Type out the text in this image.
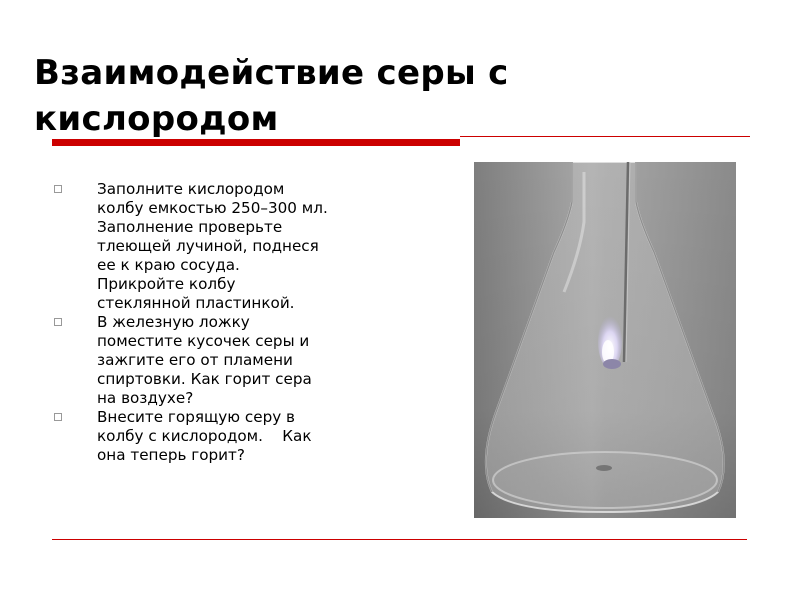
Взаимодействие серы с
кислородом
Заполните кислородом
колбу емкостью 250–300 мл.
Заполнение проверьте
тлеющей лучиной, поднеся
ее к краю сосуда.
Прикройте колбу
стеклянной пластинкой.
В железную ложку
поместите кусочек серы и
зажгите его от пламени
спиртовки. Как горит сера
на воздухе?
Внесите горящую серу в
колбу с кислородом.    Как
она теперь горит?
